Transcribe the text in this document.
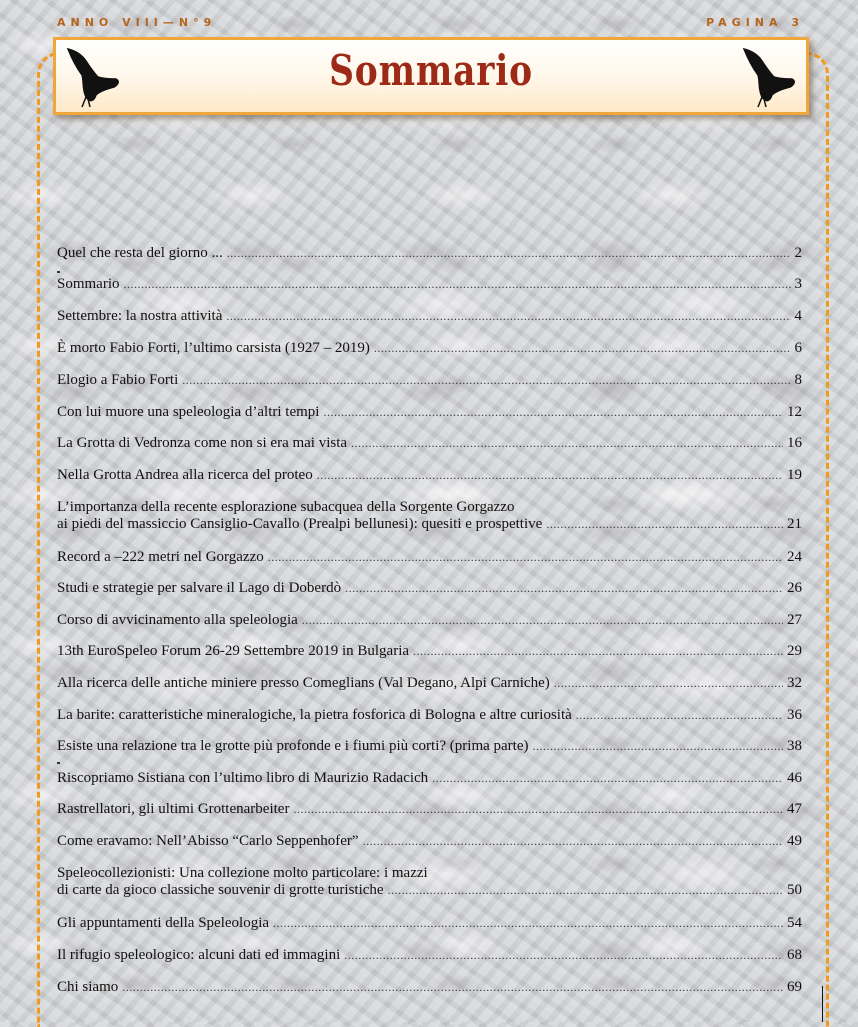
ANNO VIII—N°9	PAGINA 3
Sommario
Quel che resta del giorno ... .....	2
Sommario .....	3
Settembre: la nostra attività .....	4
È morto Fabio Forti, l’ultimo carsista (1927 – 2019) .....	6
Elogio a Fabio Forti .....	8
Con lui muore una speleologia d’altri tempi .....	12
La Grotta di Vedronza come non si era mai vista .....	16
Nella Grotta Andrea alla ricerca del proteo .....	19
L’importanza della recente esplorazione subacquea della Sorgente Gorgazzo
ai piedi del massiccio Cansiglio-Cavallo (Prealpi bellunesi): quesiti e prospettive .....	21
Record a –222 metri nel Gorgazzo .....	24
Studi e strategie per salvare il Lago di Doberdò .....	26
Corso di avvicinamento alla speleologia .....	27
13th EuroSpeleo Forum 26-29 Settembre 2019 in Bulgaria .....	29
Alla ricerca delle antiche miniere presso Comeglians (Val Degano, Alpi Carniche) .....	32
La barite: caratteristiche mineralogiche, la pietra fosforica di Bologna e altre curiosità .....	36
Esiste una relazione tra le grotte più profonde e i fiumi più corti? (prima parte) .....	38
Riscopriamo Sistiana con l’ultimo libro di Maurizio Radacich .....	46
Rastrellatori, gli ultimi Grottenarbeiter .....	47
Come eravamo: Nell’Abisso “Carlo Seppenhofer” .....	49
Speleocollezionisti: Una collezione molto particolare: i mazzi
di carte da gioco classiche souvenir di grotte turistiche .....	50
Gli appuntamenti della Speleologia .....	54
Il rifugio speleologico: alcuni dati ed immagini .....	68
Chi siamo .....	69
